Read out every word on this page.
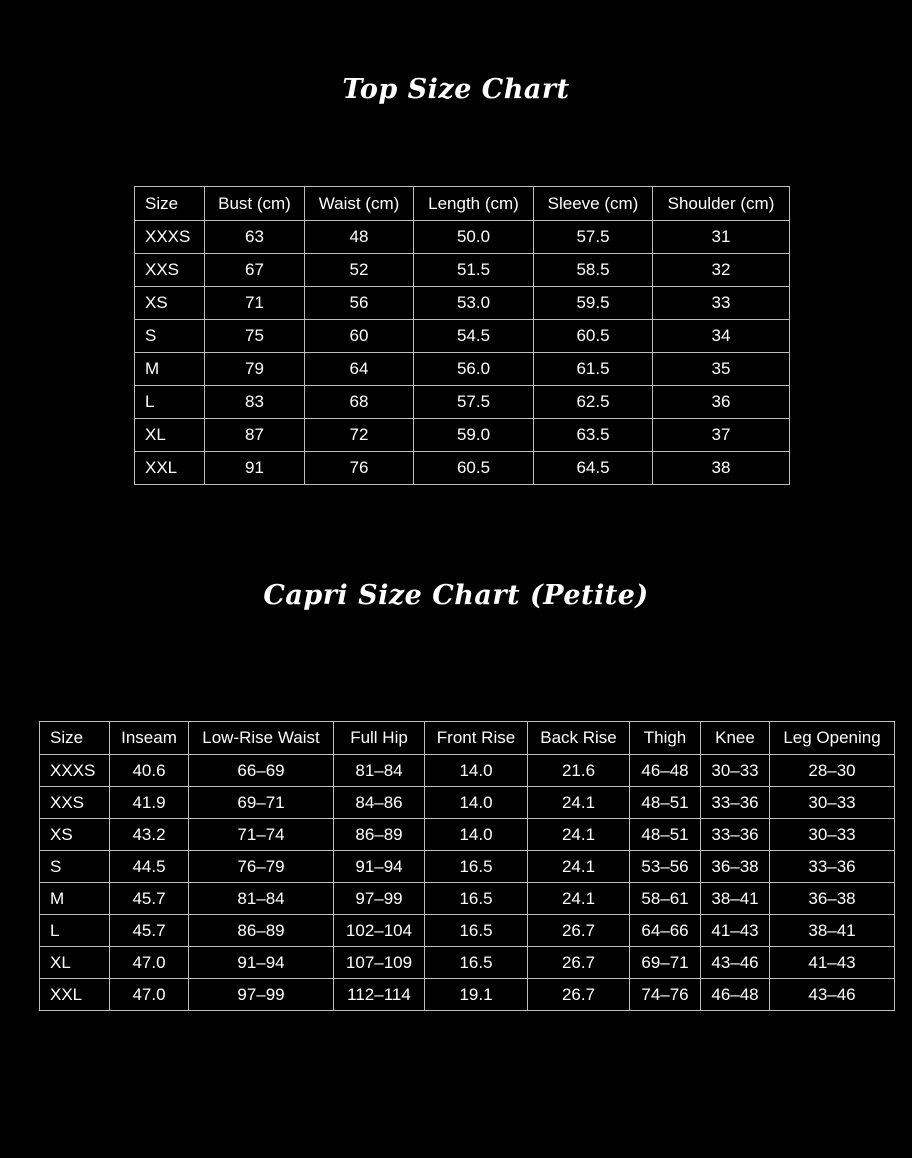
Top Size Chart
Size	Bust (cm)	Waist (cm)	Length (cm)	Sleeve (cm)	Shoulder (cm)
XXXS	63	48	50.0	57.5	31
XXS	67	52	51.5	58.5	32
XS	71	56	53.0	59.5	33
S	75	60	54.5	60.5	34
M	79	64	56.0	61.5	35
L	83	68	57.5	62.5	36
XL	87	72	59.0	63.5	37
XXL	91	76	60.5	64.5	38
Capri Size Chart (Petite)
Size	Inseam	Low-Rise Waist	Full Hip	Front Rise	Back Rise	Thigh	Knee	Leg Opening
XXXS	40.6	66–69	81–84	14.0	21.6	46–48	30–33	28–30
XXS	41.9	69–71	84–86	14.0	24.1	48–51	33–36	30–33
XS	43.2	71–74	86–89	14.0	24.1	48–51	33–36	30–33
S	44.5	76–79	91–94	16.5	24.1	53–56	36–38	33–36
M	45.7	81–84	97–99	16.5	24.1	58–61	38–41	36–38
L	45.7	86–89	102–104	16.5	26.7	64–66	41–43	38–41
XL	47.0	91–94	107–109	16.5	26.7	69–71	43–46	41–43
XXL	47.0	97–99	112–114	19.1	26.7	74–76	46–48	43–46
